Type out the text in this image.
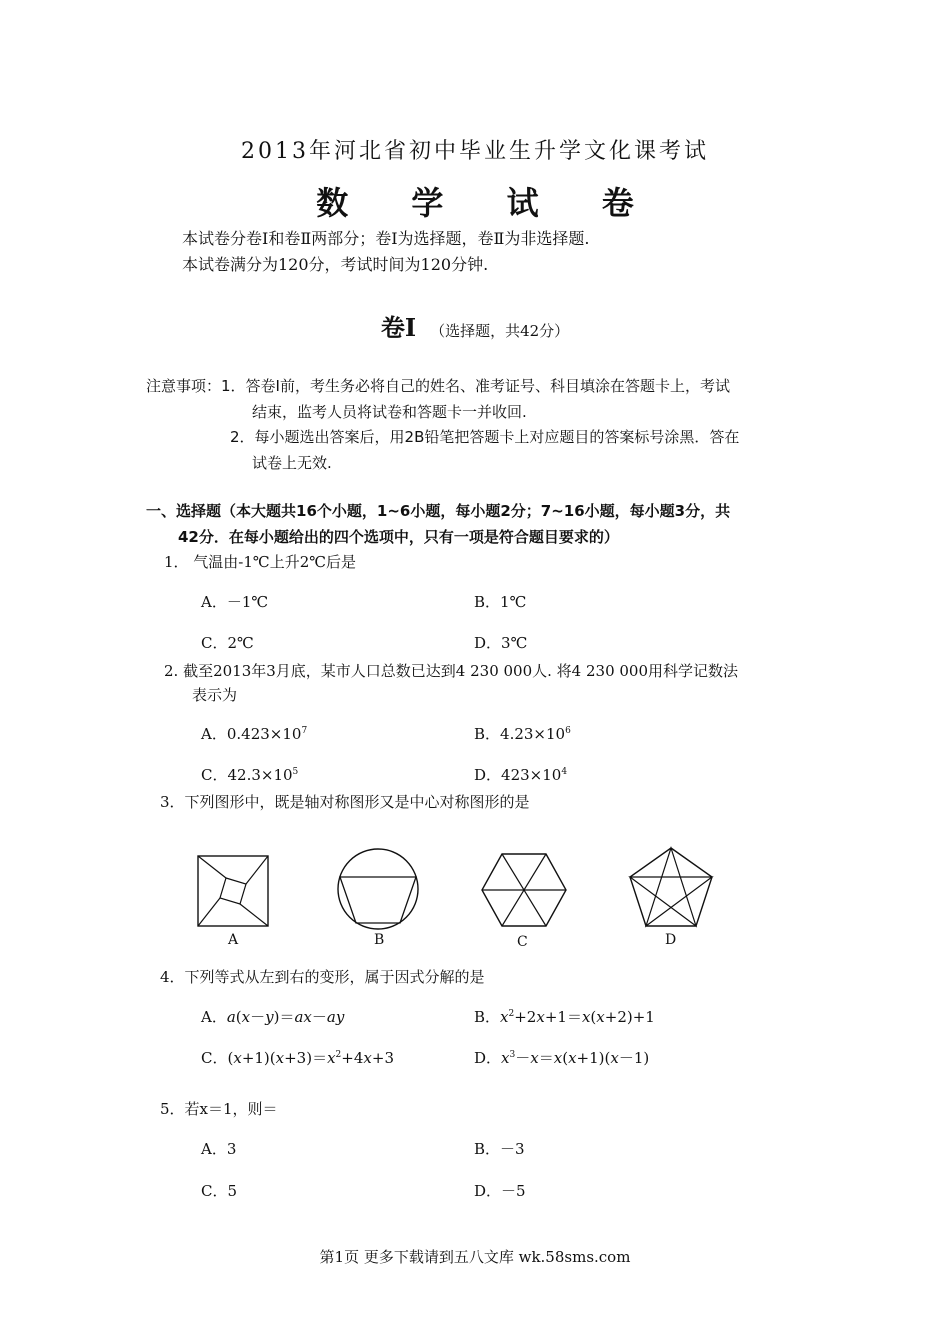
2013年河北省初中毕业生升学文化课考试
数 学 试 卷
本试卷分卷Ⅰ和卷Ⅱ两部分；卷Ⅰ为选择题，卷Ⅱ为非选择题.
本试卷满分为120分，考试时间为120分钟.
卷Ⅰ （选择题，共42分）
注意事项：1．答卷Ⅰ前，考生务必将自己的姓名、准考证号、科目填涂在答题卡上，考试
结束，监考人员将试卷和答题卡一并收回.
2．每小题选出答案后，用2B铅笔把答题卡上对应题目的答案标号涂黑．答在
试卷上无效.
一、选择题（本大题共16个小题，1~6小题，每小题2分；7~16小题，每小题3分，共
42分．在每小题给出的四个选项中，只有一项是符合题目要求的）
1． 气温由-1℃上升2℃后是
A．－1℃	B．1℃
C．2℃	D．3℃
2. 截至2013年3月底，某市人口总数已达到4 230 000人. 将4 230 000用科学记数法
表示为
A．$0.423\times 10^7$	B．$4.23\times 10^6$
C．$42.3\times 10^5$	D．$423\times 10^4$
3．下列图形中，既是轴对称图形又是中心对称图形的是
A	B	C	D
4．下列等式从左到右的变形，属于因式分解的是
A．a(x－y)＝ax－ay	B．$x^2+2x+1=x(x+2)+1$
C．$(x+1)(x+3)=x^2+4x+3$	D．$x^3-x=x(x+1)(x-1)$
5．若x＝1，则＝
A．3	B．－3
C．5	D．－5
第1页 更多下载请到五八文库 wk.58sms.com
